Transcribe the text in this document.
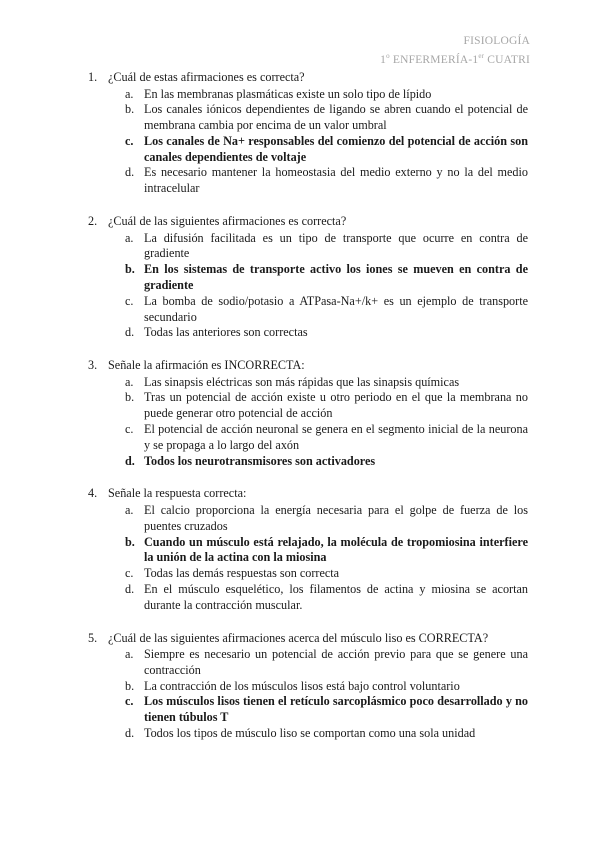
FISIOLOGÍA
1$^o$ ENFERMERÍA-1er CUATRI
1. ¿Cuál de estas afirmaciones es correcta?
a. En las membranas plasmáticas existe un solo tipo de lípido
b. Los canales iónicos dependientes de ligando se abren cuando el potencial de membrana cambia por encima de un valor umbral
c. Los canales de Na+ responsables del comienzo del potencial de acción son canales dependientes de voltaje
d. Es necesario mantener la homeostasia del medio externo y no la del medio intracelular
2. ¿Cuál de las siguientes afirmaciones es correcta?
a. La difusión facilitada es un tipo de transporte que ocurre en contra de gradiente
b. En los sistemas de transporte activo los iones se mueven en contra de gradiente
c. La bomba de sodio/potasio a ATPasa-Na+/k+ es un ejemplo de transporte secundario
d. Todas las anteriores son correctas
3. Señale la afirmación es INCORRECTA:
a. Las sinapsis eléctricas son más rápidas que las sinapsis químicas
b. Tras un potencial de acción existe u otro periodo en el que la membrana no puede generar otro potencial de acción
c. El potencial de acción neuronal se genera en el segmento inicial de la neurona y se propaga a lo largo del axón
d. Todos los neurotransmisores son activadores
4. Señale la respuesta correcta:
a. El calcio proporciona la energía necesaria para el golpe de fuerza de los puentes cruzados
b. Cuando un músculo está relajado, la molécula de tropomiosina interfiere la unión de la actina con la miosina
c. Todas las demás respuestas son correcta
d. En el músculo esquelético, los filamentos de actina y miosina se acortan durante la contracción muscular.
5. ¿Cuál de las siguientes afirmaciones acerca del músculo liso es CORRECTA?
a. Siempre es necesario un potencial de acción previo para que se genere una contracción
b. La contracción de los músculos lisos está bajo control voluntario
c. Los músculos lisos tienen el retículo sarcoplásmico poco desarrollado y no tienen túbulos T
d. Todos los tipos de músculo liso se comportan como una sola unidad
